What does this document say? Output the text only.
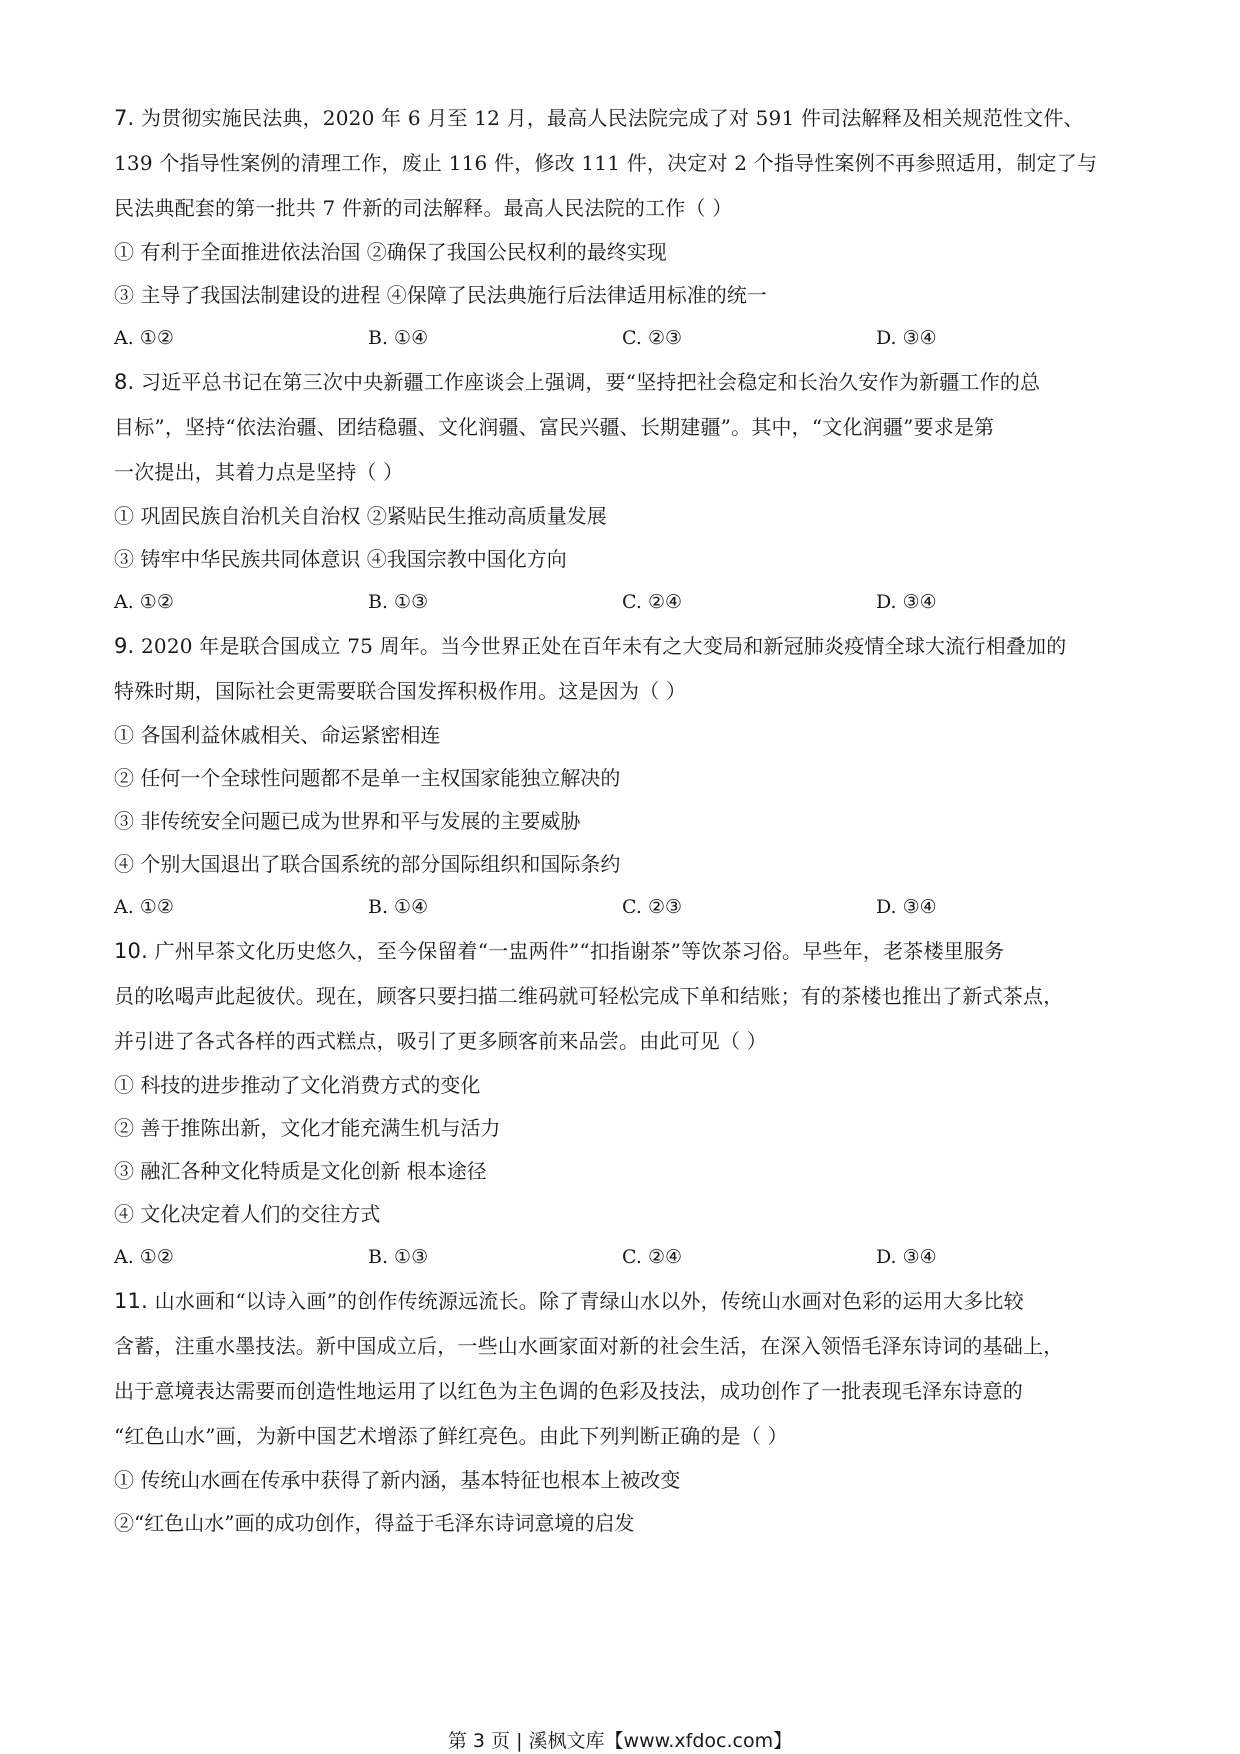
7. 为贯彻实施民法典，2020 年 6 月至 12 月，最高人民法院完成了对 591 件司法解释及相关规范性文件、
139 个指导性案例的清理工作，废止 116 件，修改 111 件，决定对 2 个指导性案例不再参照适用，制定了与
民法典配套的第一批共 7 件新的司法解释。最高人民法院的工作（ ）
① 有利于全面推进依法治国 ②确保了我国公民权利的最终实现
③ 主导了我国法制建设的进程 ④保障了民法典施行后法律适用标准的统一
A. ①②	B. ①④	C. ②③	D. ③④
8. 习近平总书记在第三次中央新疆工作座谈会上强调，要“坚持把社会稳定和长治久安作为新疆工作的总
目标”，坚持“依法治疆、团结稳疆、文化润疆、富民兴疆、长期建疆”。其中，“文化润疆”要求是第
一次提出，其着力点是坚持（ ）
① 巩固民族自治机关自治权 ②紧贴民生推动高质量发展
③ 铸牢中华民族共同体意识 ④我国宗教中国化方向
A. ①②	B. ①③	C. ②④	D. ③④
9. 2020 年是联合国成立 75 周年。当今世界正处在百年未有之大变局和新冠肺炎疫情全球大流行相叠加的
特殊时期，国际社会更需要联合国发挥积极作用。这是因为（ ）
① 各国利益休戚相关、命运紧密相连
② 任何一个全球性问题都不是单一主权国家能独立解决的
③ 非传统安全问题已成为世界和平与发展的主要威胁
④ 个别大国退出了联合国系统的部分国际组织和国际条约
A. ①②	B. ①④	C. ②③	D. ③④
10. 广州早茶文化历史悠久，至今保留着“一盅两件”“扣指谢茶”等饮茶习俗。早些年，老茶楼里服务
员的吆喝声此起彼伏。现在，顾客只要扫描二维码就可轻松完成下单和结账；有的茶楼也推出了新式茶点，
并引进了各式各样的西式糕点，吸引了更多顾客前来品尝。由此可见（ ）
① 科技的进步推动了文化消费方式的变化
② 善于推陈出新，文化才能充满生机与活力
③ 融汇各种文化特质是文化创新 根本途径
④ 文化决定着人们的交往方式
A. ①②	B. ①③	C. ②④	D. ③④
11. 山水画和“以诗入画”的创作传统源远流长。除了青绿山水以外，传统山水画对色彩的运用大多比较
含蓄，注重水墨技法。新中国成立后，一些山水画家面对新的社会生活，在深入领悟毛泽东诗词的基础上，
出于意境表达需要而创造性地运用了以红色为主色调的色彩及技法，成功创作了一批表现毛泽东诗意的
“红色山水”画，为新中国艺术增添了鲜红亮色。由此下列判断正确的是（ ）
① 传统山水画在传承中获得了新内涵，基本特征也根本上被改变
②“红色山水”画的成功创作，得益于毛泽东诗词意境的启发
第 3 页 | 溪枫文库【www.xfdoc.com】
